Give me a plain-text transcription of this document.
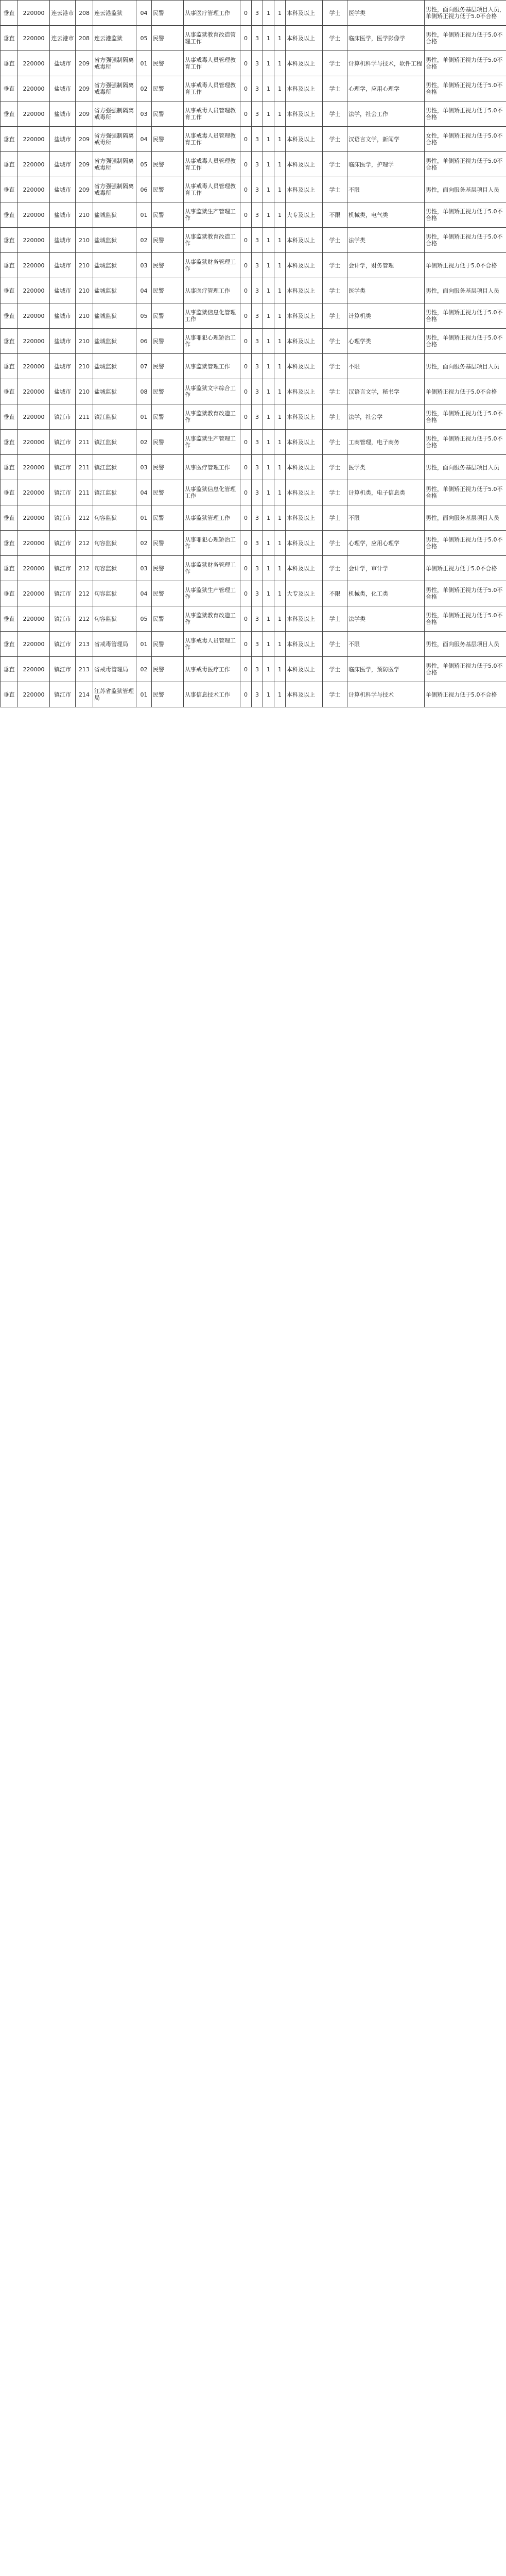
垂直	220000	连云港市	208	连云港监狱	04	民警	从事医疗管理工作	0	3	1	1	本科及以上	学士	医学类	男性，面向服务基层项目人员，单侧矫正视力低于5.0不合格
垂直	220000	连云港市	208	连云港监狱	05	民警	从事监狱教育改造管理工作	0	3	1	1	本科及以上	学士	临床医学，医学影像学	男性，单侧矫正视力低于5.0不合格
垂直	220000	盐城市	209	省方强强制隔离戒毒所	01	民警	从事戒毒人员管理教育工作	0	3	1	1	本科及以上	学士	计算机科学与技术，软件工程	男性，单侧矫正视力低于5.0不合格
垂直	220000	盐城市	209	省方强强制隔离戒毒所	02	民警	从事戒毒人员管理教育工作	0	3	1	1	本科及以上	学士	心理学，应用心理学	男性，单侧矫正视力低于5.0不合格
垂直	220000	盐城市	209	省方强强制隔离戒毒所	03	民警	从事戒毒人员管理教育工作	0	3	1	1	本科及以上	学士	法学，社会工作	男性，单侧矫正视力低于5.0不合格
垂直	220000	盐城市	209	省方强强制隔离戒毒所	04	民警	从事戒毒人员管理教育工作	0	3	1	1	本科及以上	学士	汉语言文学，新闻学	女性，单侧矫正视力低于5.0不合格
垂直	220000	盐城市	209	省方强强制隔离戒毒所	05	民警	从事戒毒人员管理教育工作	0	3	1	1	本科及以上	学士	临床医学，护理学	男性，单侧矫正视力低于5.0不合格
垂直	220000	盐城市	209	省方强强制隔离戒毒所	06	民警	从事戒毒人员管理教育工作	0	3	1	1	本科及以上	学士	不限	男性，面向服务基层项目人员
垂直	220000	盐城市	210	盐城监狱	01	民警	从事监狱生产管理工作	0	3	1	1	大专及以上	不限	机械类，电气类	男性，单侧矫正视力低于5.0不合格
垂直	220000	盐城市	210	盐城监狱	02	民警	从事监狱教育改造工作	0	3	1	1	本科及以上	学士	法学类	男性，单侧矫正视力低于5.0不合格
垂直	220000	盐城市	210	盐城监狱	03	民警	从事监狱财务管理工作	0	3	1	1	本科及以上	学士	会计学，财务管理	单侧矫正视力低于5.0不合格
垂直	220000	盐城市	210	盐城监狱	04	民警	从事医疗管理工作	0	3	1	1	本科及以上	学士	医学类	男性，面向服务基层项目人员
垂直	220000	盐城市	210	盐城监狱	05	民警	从事监狱信息化管理工作	0	3	1	1	本科及以上	学士	计算机类	男性，单侧矫正视力低于5.0不合格
垂直	220000	盐城市	210	盐城监狱	06	民警	从事罪犯心理矫治工作	0	3	1	1	本科及以上	学士	心理学类	男性，单侧矫正视力低于5.0不合格
垂直	220000	盐城市	210	盐城监狱	07	民警	从事监狱管理工作	0	3	1	1	本科及以上	学士	不限	男性，面向服务基层项目人员
垂直	220000	盐城市	210	盐城监狱	08	民警	从事监狱文字综合工作	0	3	1	1	本科及以上	学士	汉语言文学，秘书学	单侧矫正视力低于5.0不合格
垂直	220000	镇江市	211	镇江监狱	01	民警	从事监狱教育改造工作	0	3	1	1	本科及以上	学士	法学，社会学	男性，单侧矫正视力低于5.0不合格
垂直	220000	镇江市	211	镇江监狱	02	民警	从事监狱生产管理工作	0	3	1	1	本科及以上	学士	工商管理，电子商务	男性，单侧矫正视力低于5.0不合格
垂直	220000	镇江市	211	镇江监狱	03	民警	从事医疗管理工作	0	3	1	1	本科及以上	学士	医学类	男性，面向服务基层项目人员
垂直	220000	镇江市	211	镇江监狱	04	民警	从事监狱信息化管理工作	0	3	1	1	本科及以上	学士	计算机类，电子信息类	男性，单侧矫正视力低于5.0不合格
垂直	220000	镇江市	212	句容监狱	01	民警	从事监狱管理工作	0	3	1	1	本科及以上	学士	不限	男性，面向服务基层项目人员
垂直	220000	镇江市	212	句容监狱	02	民警	从事罪犯心理矫治工作	0	3	1	1	本科及以上	学士	心理学，应用心理学	男性，单侧矫正视力低于5.0不合格
垂直	220000	镇江市	212	句容监狱	03	民警	从事监狱财务管理工作	0	3	1	1	本科及以上	学士	会计学，审计学	单侧矫正视力低于5.0不合格
垂直	220000	镇江市	212	句容监狱	04	民警	从事监狱生产管理工作	0	3	1	1	大专及以上	不限	机械类，化工类	男性，单侧矫正视力低于5.0不合格
垂直	220000	镇江市	212	句容监狱	05	民警	从事监狱教育改造工作	0	3	1	1	本科及以上	学士	法学类	男性，单侧矫正视力低于5.0不合格
垂直	220000	镇江市	213	省戒毒管理局	01	民警	从事戒毒人员管理工作	0	3	1	1	本科及以上	学士	不限	男性，面向服务基层项目人员
垂直	220000	镇江市	213	省戒毒管理局	02	民警	从事戒毒医疗工作	0	3	1	1	本科及以上	学士	临床医学，预防医学	男性，单侧矫正视力低于5.0不合格
垂直	220000	镇江市	214	江苏省监狱管理局	01	民警	从事信息技术工作	0	3	1	1	本科及以上	学士	计算机科学与技术	单侧矫正视力低于5.0不合格
